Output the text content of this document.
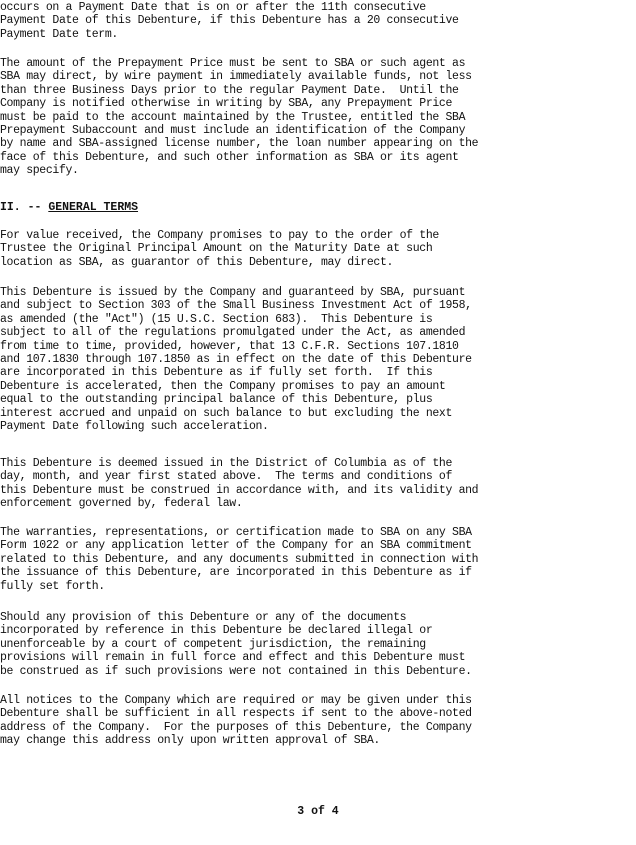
occurs on a Payment Date that is on or after the 11th consecutive
Payment Date of this Debenture, if this Debenture has a 20 consecutive
Payment Date term.

The amount of the Prepayment Price must be sent to SBA or such agent as
SBA may direct, by wire payment in immediately available funds, not less
than three Business Days prior to the regular Payment Date.  Until the
Company is notified otherwise in writing by SBA, any Prepayment Price
must be paid to the account maintained by the Trustee, entitled the SBA
Prepayment Subaccount and must include an identification of the Company
by name and SBA-assigned license number, the loan number appearing on the
face of this Debenture, and such other information as SBA or its agent
may specify.

II. -- GENERAL TERMS

For value received, the Company promises to pay to the order of the
Trustee the Original Principal Amount on the Maturity Date at such
location as SBA, as guarantor of this Debenture, may direct.

This Debenture is issued by the Company and guaranteed by SBA, pursuant
and subject to Section 303 of the Small Business Investment Act of 1958,
as amended (the "Act") (15 U.S.C. Section 683).  This Debenture is
subject to all of the regulations promulgated under the Act, as amended
from time to time, provided, however, that 13 C.F.R. Sections 107.1810
and 107.1830 through 107.1850 as in effect on the date of this Debenture
are incorporated in this Debenture as if fully set forth.  If this
Debenture is accelerated, then the Company promises to pay an amount
equal to the outstanding principal balance of this Debenture, plus
interest accrued and unpaid on such balance to but excluding the next
Payment Date following such acceleration.

This Debenture is deemed issued in the District of Columbia as of the
day, month, and year first stated above.  The terms and conditions of
this Debenture must be construed in accordance with, and its validity and
enforcement governed by, federal law.

The warranties, representations, or certification made to SBA on any SBA
Form 1022 or any application letter of the Company for an SBA commitment
related to this Debenture, and any documents submitted in connection with
the issuance of this Debenture, are incorporated in this Debenture as if
fully set forth.

Should any provision of this Debenture or any of the documents
incorporated by reference in this Debenture be declared illegal or
unenforceable by a court of competent jurisdiction, the remaining
provisions will remain in full force and effect and this Debenture must
be construed as if such provisions were not contained in this Debenture.

All notices to the Company which are required or may be given under this
Debenture shall be sufficient in all respects if sent to the above-noted
address of the Company.  For the purposes of this Debenture, the Company
may change this address only upon written approval of SBA.

3 of 4
